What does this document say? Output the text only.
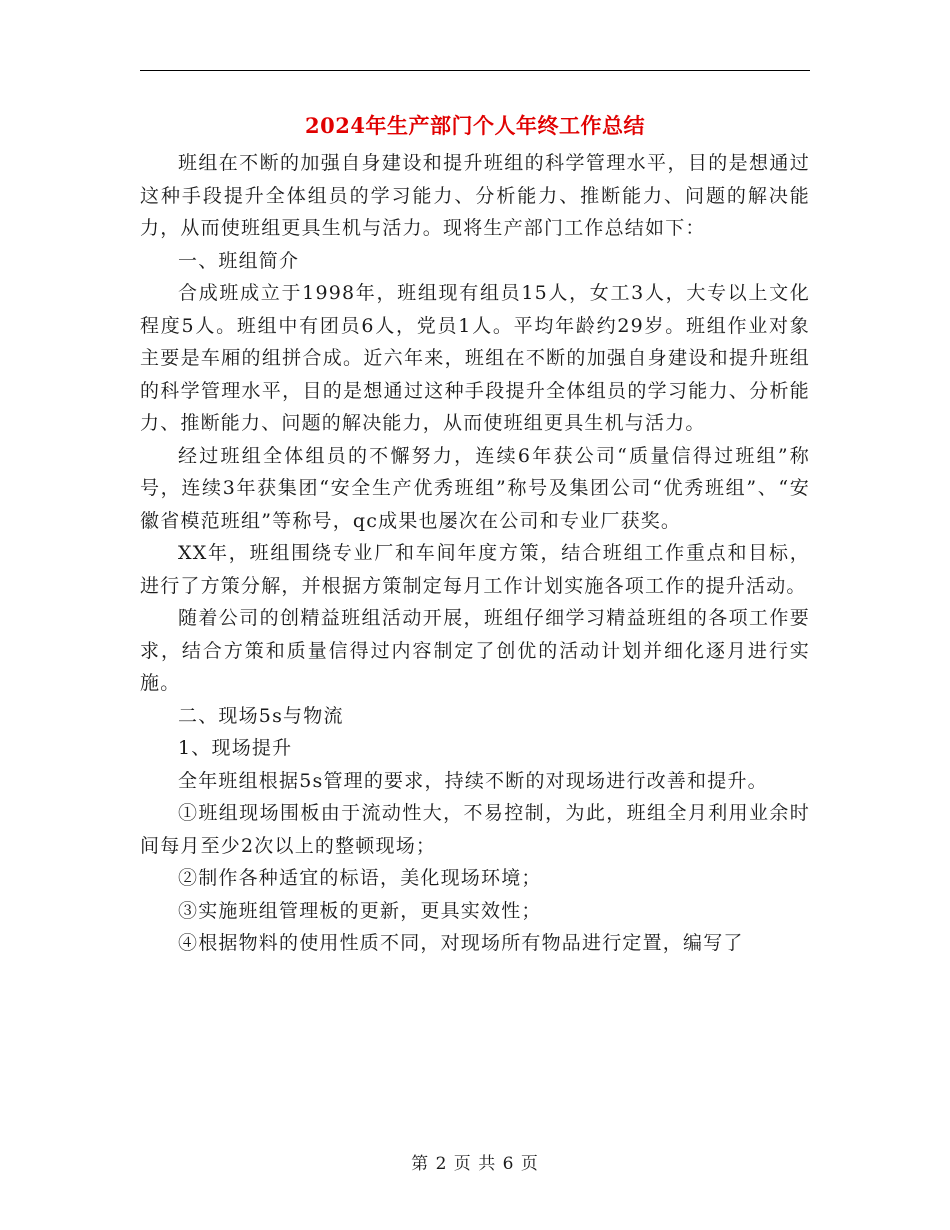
2024年生产部门个人年终工作总结

班组在不断的加强自身建设和提升班组的科学管理水平，目的是想通过这种手段提升全体组员的学习能力、分析能力、推断能力、问题的解决能力，从而使班组更具生机与活力。现将生产部门工作总结如下：

一、班组简介

合成班成立于1998年，班组现有组员15人，女工3人，大专以上文化程度5人。班组中有团员6人，党员1人。平均年龄约29岁。班组作业对象主要是车厢的组拼合成。近六年来，班组在不断的加强自身建设和提升班组的科学管理水平，目的是想通过这种手段提升全体组员的学习能力、分析能力、推断能力、问题的解决能力，从而使班组更具生机与活力。

经过班组全体组员的不懈努力，连续6年获公司“质量信得过班组”称号，连续3年获集团“安全生产优秀班组”称号及集团公司“优秀班组”、“安徽省模范班组”等称号，qc成果也屡次在公司和专业厂获奖。

XX年，班组围绕专业厂和车间年度方策，结合班组工作重点和目标，进行了方策分解，并根据方策制定每月工作计划实施各项工作的提升活动。

随着公司的创精益班组活动开展，班组仔细学习精益班组的各项工作要求，结合方策和质量信得过内容制定了创优的活动计划并细化逐月进行实施。

二、现场5s与物流

1、现场提升

全年班组根据5s管理的要求，持续不断的对现场进行改善和提升。

①班组现场围板由于流动性大，不易控制，为此，班组全月利用业余时间每月至少2次以上的整顿现场；

②制作各种适宜的标语，美化现场环境；

③实施班组管理板的更新，更具实效性；

④根据物料的使用性质不同，对现场所有物品进行定置，编写了

第 2 页 共 6 页
